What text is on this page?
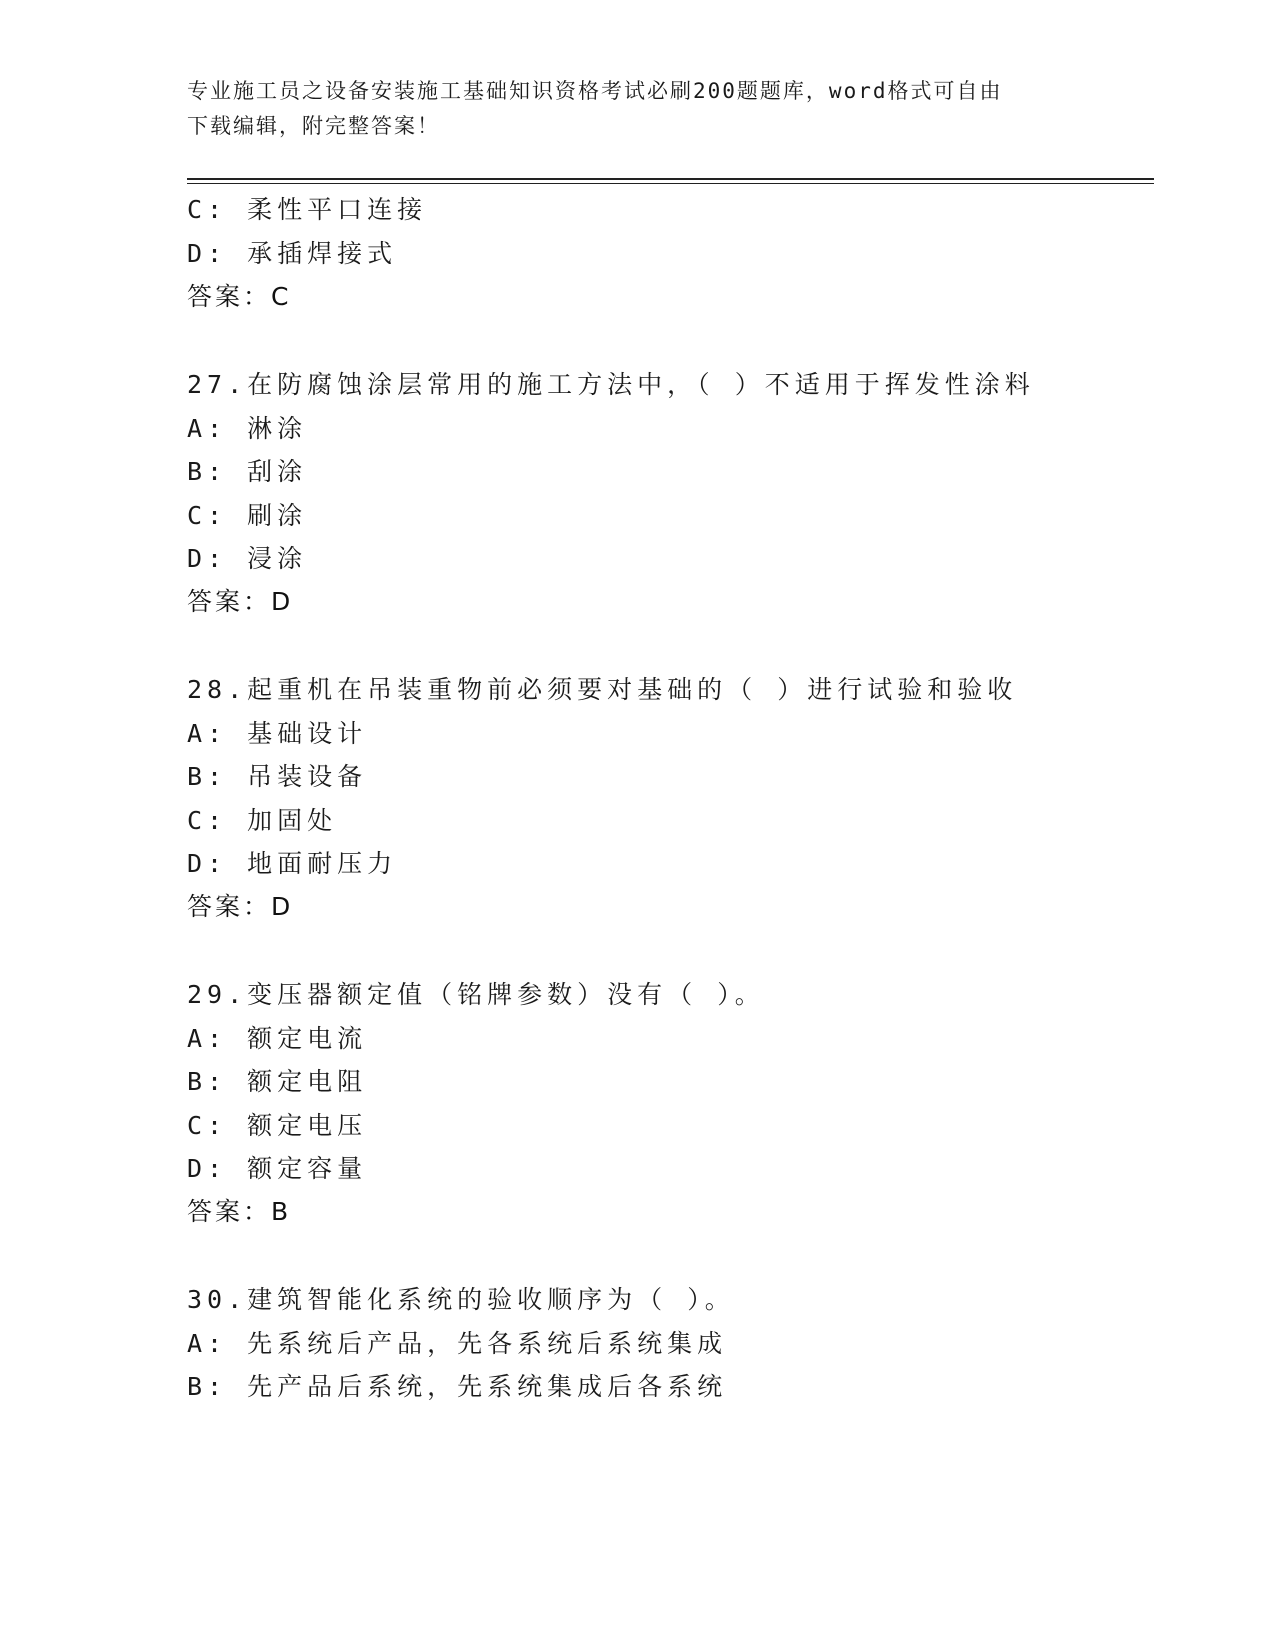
专业施工员之设备安装施工基础知识资格考试必刷200题题库，word格式可自由
下载编辑，附完整答案！
C: 柔性平口连接
D: 承插焊接式
答案：C
27.在防腐蚀涂层常用的施工方法中，（ ）不适用于挥发性涂料
A: 淋涂
B: 刮涂
C: 刷涂
D: 浸涂
答案：D
28.起重机在吊装重物前必须要对基础的（ ）进行试验和验收
A: 基础设计
B: 吊装设备
C: 加固处
D: 地面耐压力
答案：D
29.变压器额定值（铭牌参数）没有（ ）。
A: 额定电流
B: 额定电阻
C: 额定电压
D: 额定容量
答案：B
30.建筑智能化系统的验收顺序为（ ）。
A: 先系统后产品，先各系统后系统集成
B: 先产品后系统，先系统集成后各系统
